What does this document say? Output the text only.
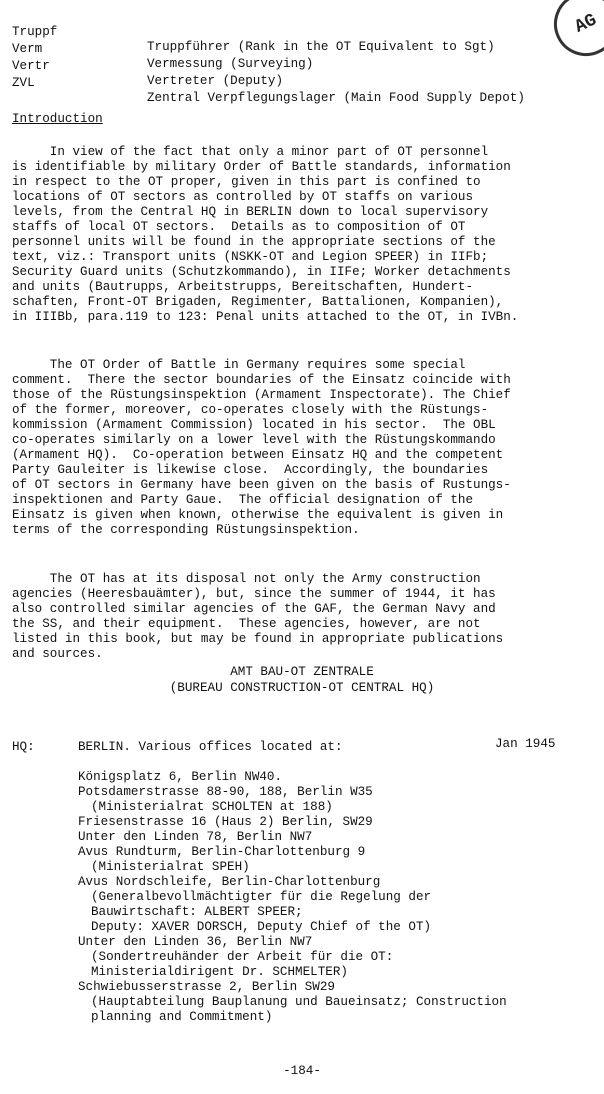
AG

Truppf

Truppführer (Rank in the OT Equivalent to Sgt)

Verm

Vermessung (Surveying)

Vertr

Vertreter (Deputy)

ZVL

Zentral Verpflegungslager (Main Food Supply Depot)

Introduction
In view of the fact that only a minor part of OT personnel
is identifiable by military Order of Battle standards, information
in respect to the OT proper, given in this part is confined to
locations of OT sectors as controlled by OT staffs on various
levels, from the Central HQ in BERLIN down to local supervisory
staffs of local OT sectors.  Details as to composition of OT
personnel units will be found in the appropriate sections of the
text, viz.: Transport units (NSKK-OT and Legion SPEER) in IIFb;
Security Guard units (Schutzkommando), in IIFe; Worker detachments
and units (Bautrupps, Arbeitstrupps, Bereitschaften, Hundert-
schaften, Front-OT Brigaden, Regimenter, Battalionen, Kompanien),
in IIIBb, para.119 to 123: Penal units attached to the OT, in IVBn.
The OT Order of Battle in Germany requires some special
comment.  There the sector boundaries of the Einsatz coincide with
those of the Rüstungsinspektion (Armament Inspectorate). The Chief
of the former, moreover, co-operates closely with the Rüstungs-
kommission (Armament Commission) located in his sector.  The OBL
co-operates similarly on a lower level with the Rüstungskommando
(Armament HQ).  Co-operation between Einsatz HQ and the competent
Party Gauleiter is likewise close.  Accordingly, the boundaries
of OT sectors in Germany have been given on the basis of Rustungs-
inspektionen and Party Gaue.  The official designation of the
Einsatz is given when known, otherwise the equivalent is given in
terms of the corresponding Rüstungsinspektion.
The OT has at its disposal not only the Army construction
agencies (Heeresbauämter), but, since the summer of 1944, it has
also controlled similar agencies of the GAF, the German Navy and
the SS, and their equipment.  These agencies, however, are not
listed in this book, but may be found in appropriate publications
and sources.
AMT BAU-OT ZENTRALE
(BUREAU CONSTRUCTION-OT CENTRAL HQ)
HQ:	BERLIN. Various offices located at:	Jan 1945
Königsplatz 6, Berlin NW40.
Potsdamerstrasse 88-90, 188, Berlin W35
(Ministerialrat SCHOLTEN at 188)
Friesenstrasse 16 (Haus 2) Berlin, SW29
Unter den Linden 78, Berlin NW7
Avus Rundturm, Berlin-Charlottenburg 9
(Ministerialrat SPEH)
Avus Nordschleife, Berlin-Charlottenburg
(Generalbevollmächtigter für die Regelung der
Bauwirtschaft: ALBERT SPEER;
Deputy: XAVER DORSCH, Deputy Chief of the OT)
Unter den Linden 36, Berlin NW7
(Sondertreuhänder der Arbeit für die OT:
Ministerialdirigent Dr. SCHMELTER)
Schwiebusserstrasse 2, Berlin SW29
(Hauptabteilung Bauplanung und Baueinsatz; Construction
planning and Commitment)
-184-
